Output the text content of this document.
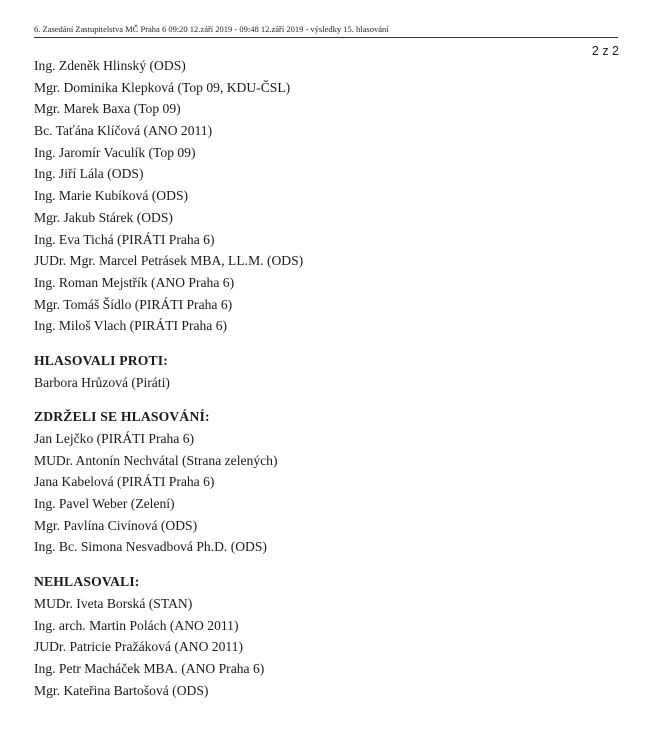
6. Zasedání Zastupitelstva MČ Praha 6 09:20 12.září 2019 - 09:48 12.září 2019 - výsledky 15. hlasování
2 z 2
Ing. Zdeněk Hlinský (ODS)
Mgr. Dominika Klepková (Top 09, KDU-ČSL)
Mgr. Marek Baxa (Top 09)
Bc. Taťána Klíčová (ANO 2011)
Ing. Jaromír Vaculík (Top 09)
Ing. Jiří Lála (ODS)
Ing. Marie Kubíková (ODS)
Mgr. Jakub Stárek (ODS)
Ing. Eva Tichá (PIRÁTI Praha 6)
JUDr. Mgr. Marcel Petrásek MBA, LL.M. (ODS)
Ing. Roman Mejstřík (ANO Praha 6)
Mgr. Tomáš Šídlo (PIRÁTI Praha 6)
Ing. Miloš Vlach (PIRÁTI Praha 6)
HLASOVALI PROTI:
Barbora Hrůzová (Piráti)
ZDRŽELI SE HLASOVÁNÍ:
Jan Lejčko (PIRÁTI Praha 6)
MUDr. Antonín Nechvátal (Strana zelených)
Jana Kabelová (PIRÁTI Praha 6)
Ing. Pavel Weber (Zelení)
Mgr. Pavlína Civínová (ODS)
Ing. Bc. Simona Nesvadbová Ph.D. (ODS)
NEHLASOVALI:
MUDr. Iveta Borská (STAN)
Ing. arch. Martin Polách (ANO 2011)
JUDr. Patricie Pražáková (ANO 2011)
Ing. Petr Macháček MBA. (ANO Praha 6)
Mgr. Kateřina Bartošová (ODS)
